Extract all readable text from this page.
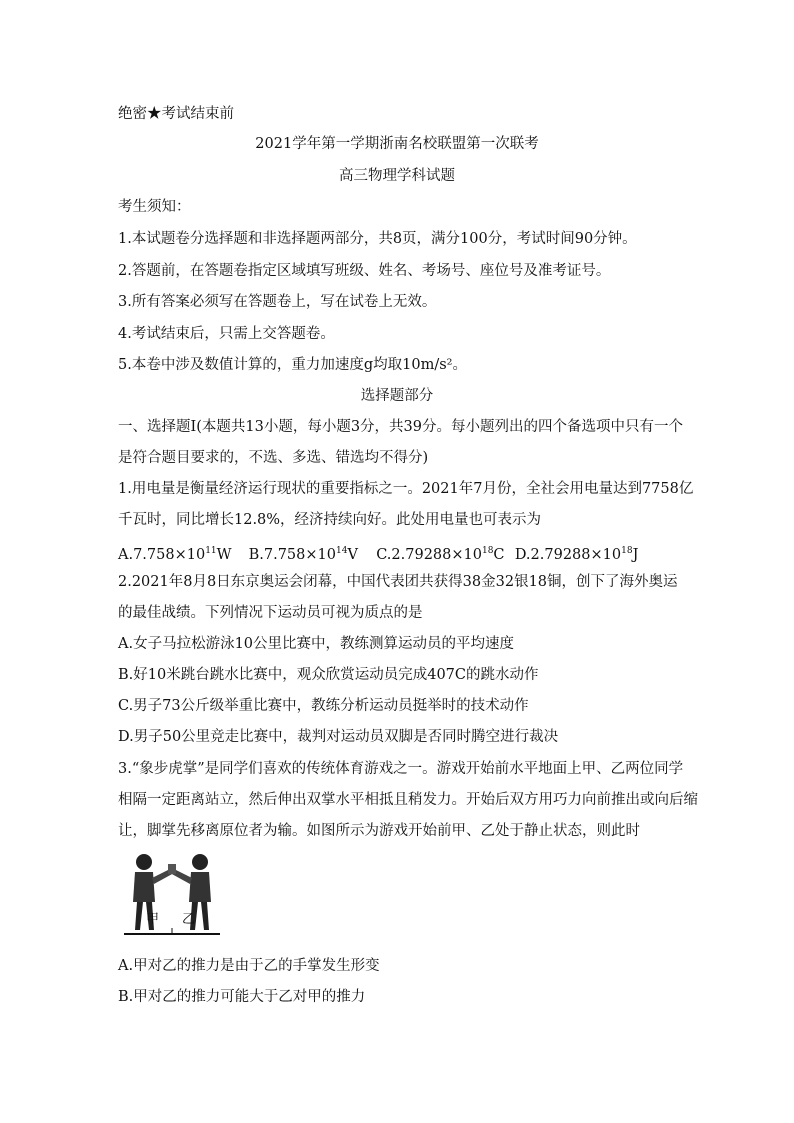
绝密★考试结束前
2021学年第一学期浙南名校联盟第一次联考
高三物理学科试题
考生须知：
1.本试题卷分选择题和非选择题两部分，共8页，满分100分，考试时间90分钟。
2.答题前，在答题卷指定区域填写班级、姓名、考场号、座位号及准考证号。
3.所有答案必须写在答题卷上，写在试卷上无效。
4.考试结束后，只需上交答题卷。
5.本卷中涉及数值计算的，重力加速度g均取10m/s²。
选择题部分
一、选择题Ⅰ(本题共13小题，每小题3分，共39分。每小题列出的四个备选项中只有一个
是符合题目要求的，不选、多选、错选均不得分)
1.用电量是衡量经济运行现状的重要指标之一。2021年7月份，全社会用电量达到7758亿
千瓦时，同比增长12.8%，经济持续向好。此处用电量也可表示为
$A.7.758\times 10^{11}W$ $B.7.758\times 10^{14}V$ $C.2.79288\times 10^{18}C$ $D.2.79288\times 10^{18}J$
2.2021年8月8日东京奥运会闭幕，中国代表团共获得38金32银18铜，创下了海外奥运
的最佳战绩。下列情况下运动员可视为质点的是
A.女子马拉松游泳10公里比赛中，教练测算运动员的平均速度
B.好10米跳台跳水比赛中，观众欣赏运动员完成407C的跳水动作
C.男子73公斤级举重比赛中，教练分析运动员挺举时的技术动作
D.男子50公里竞走比赛中，裁判对运动员双脚是否同时腾空进行裁决
3.“象步虎掌”是同学们喜欢的传统体育游戏之一。游戏开始前水平地面上甲、乙两位同学
相隔一定距离站立，然后伸出双掌水平相抵且稍发力。开始后双方用巧力向前推出或向后缩
让，脚掌先移离原位者为输。如图所示为游戏开始前甲、乙处于静止状态，则此时
甲 乙
A.甲对乙的推力是由于乙的手掌发生形变
B.甲对乙的推力可能大于乙对甲的推力
